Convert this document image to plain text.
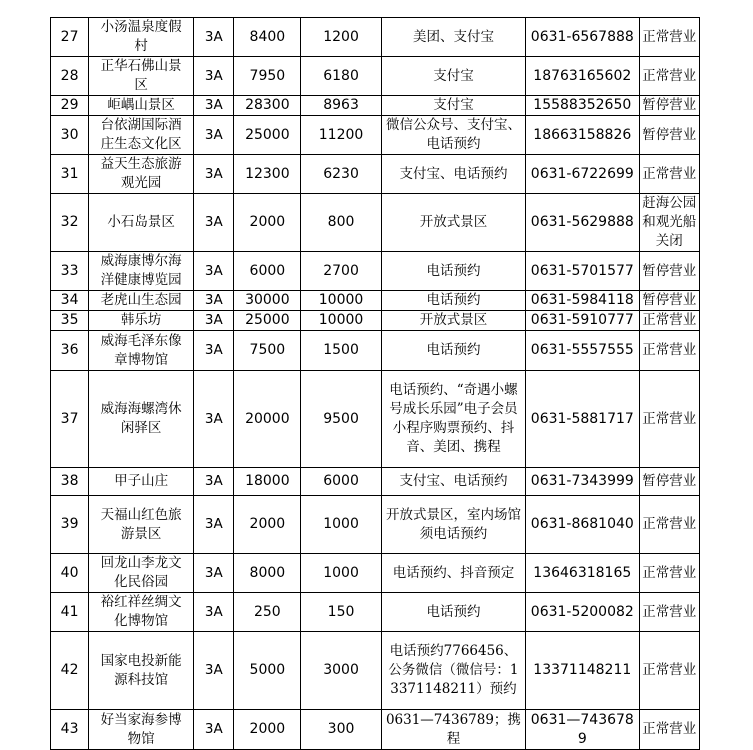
27	小汤温泉度假村	3A	8400	1200	美团、支付宝	0631-6567888	正常营业
28	正华石佛山景区	3A	7950	6180	支付宝	18763165602	正常营业
29	岠嵎山景区	3A	28300	8963	支付宝	15588352650	暂停营业
30	台依湖国际酒庄生态文化区	3A	25000	11200	微信公众号、支付宝、电话预约	18663158826	暂停营业
31	益天生态旅游观光园	3A	12300	6230	支付宝、电话预约	0631-6722699	正常营业
32	小石岛景区	3A	2000	800	开放式景区	0631-5629888	赶海公园和观光船关闭
33	威海康博尔海洋健康博览园	3A	6000	2700	电话预约	0631-5701577	暂停营业
34	老虎山生态园	3A	30000	10000	电话预约	0631-5984118	暂停营业
35	韩乐坊	3A	25000	10000	开放式景区	0631-5910777	正常营业
36	威海毛泽东像章博物馆	3A	7500	1500	电话预约	0631-5557555	正常营业
37	威海海螺湾休闲驿区	3A	20000	9500	电话预约、“奇遇小螺号成长乐园”电子会员小程序购票预约、抖音、美团、携程	0631-5881717	正常营业
38	甲子山庄	3A	18000	6000	支付宝、电话预约	0631-7343999	暂停营业
39	天福山红色旅游景区	3A	2000	1000	开放式景区，室内场馆须电话预约	0631-8681040	正常营业
40	回龙山李龙文化民俗园	3A	8000	1000	电话预约、抖音预定	13646318165	正常营业
41	裕红祥丝绸文化博物馆	3A	250	150	电话预约	0631-5200082	正常营业
42	国家电投新能源科技馆	3A	5000	3000	电话预约7766456、公务微信（微信号：13371148211）预约	13371148211	正常营业
43	好当家海参博物馆	3A	2000	300	0631—7436789；携程	0631—7436789	正常营业
